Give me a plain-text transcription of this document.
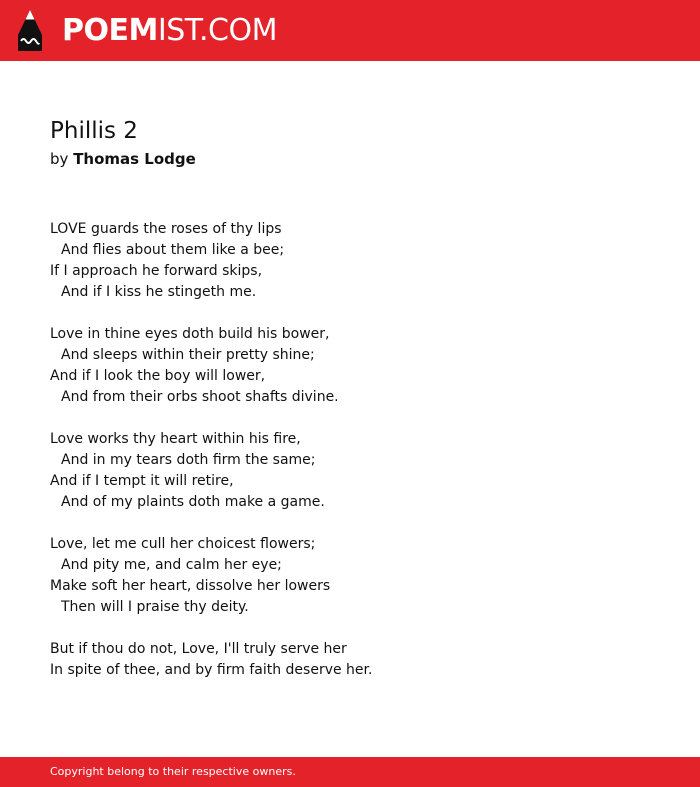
POEMIST.COM
Phillis 2
by Thomas Lodge
LOVE guards the roses of thy lips
And flies about them like a bee;
If I approach he forward skips,
And if I kiss he stingeth me.
Love in thine eyes doth build his bower,
And sleeps within their pretty shine;
And if I look the boy will lower,
And from their orbs shoot shafts divine.
Love works thy heart within his fire,
And in my tears doth firm the same;
And if I tempt it will retire,
And of my plaints doth make a game.
Love, let me cull her choicest flowers;
And pity me, and calm her eye;
Make soft her heart, dissolve her lowers
Then will I praise thy deity.
But if thou do not, Love, I'll truly serve her
In spite of thee, and by firm faith deserve her.
Copyright belong to their respective owners.
